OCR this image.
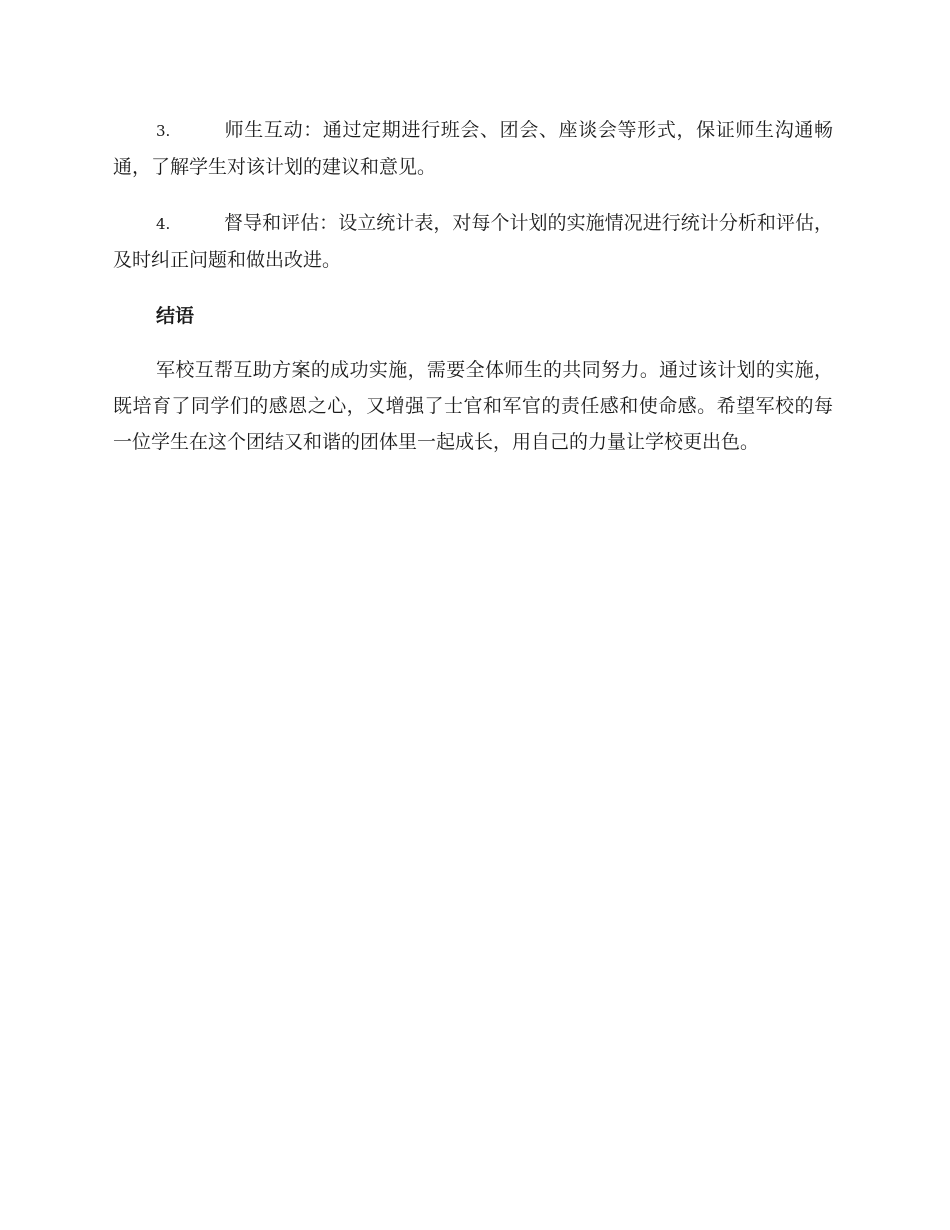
3.	师生互动：通过定期进行班会、团会、座谈会等形式，保证师生沟通畅通，了解学生对该计划的建议和意见。

4.	督导和评估：设立统计表，对每个计划的实施情况进行统计分析和评估，及时纠正问题和做出改进。

结语

军校互帮互助方案的成功实施，需要全体师生的共同努力。通过该计划的实施，既培育了同学们的感恩之心，又增强了士官和军官的责任感和使命感。希望军校的每一位学生在这个团结又和谐的团体里一起成长，用自己的力量让学校更出色。
